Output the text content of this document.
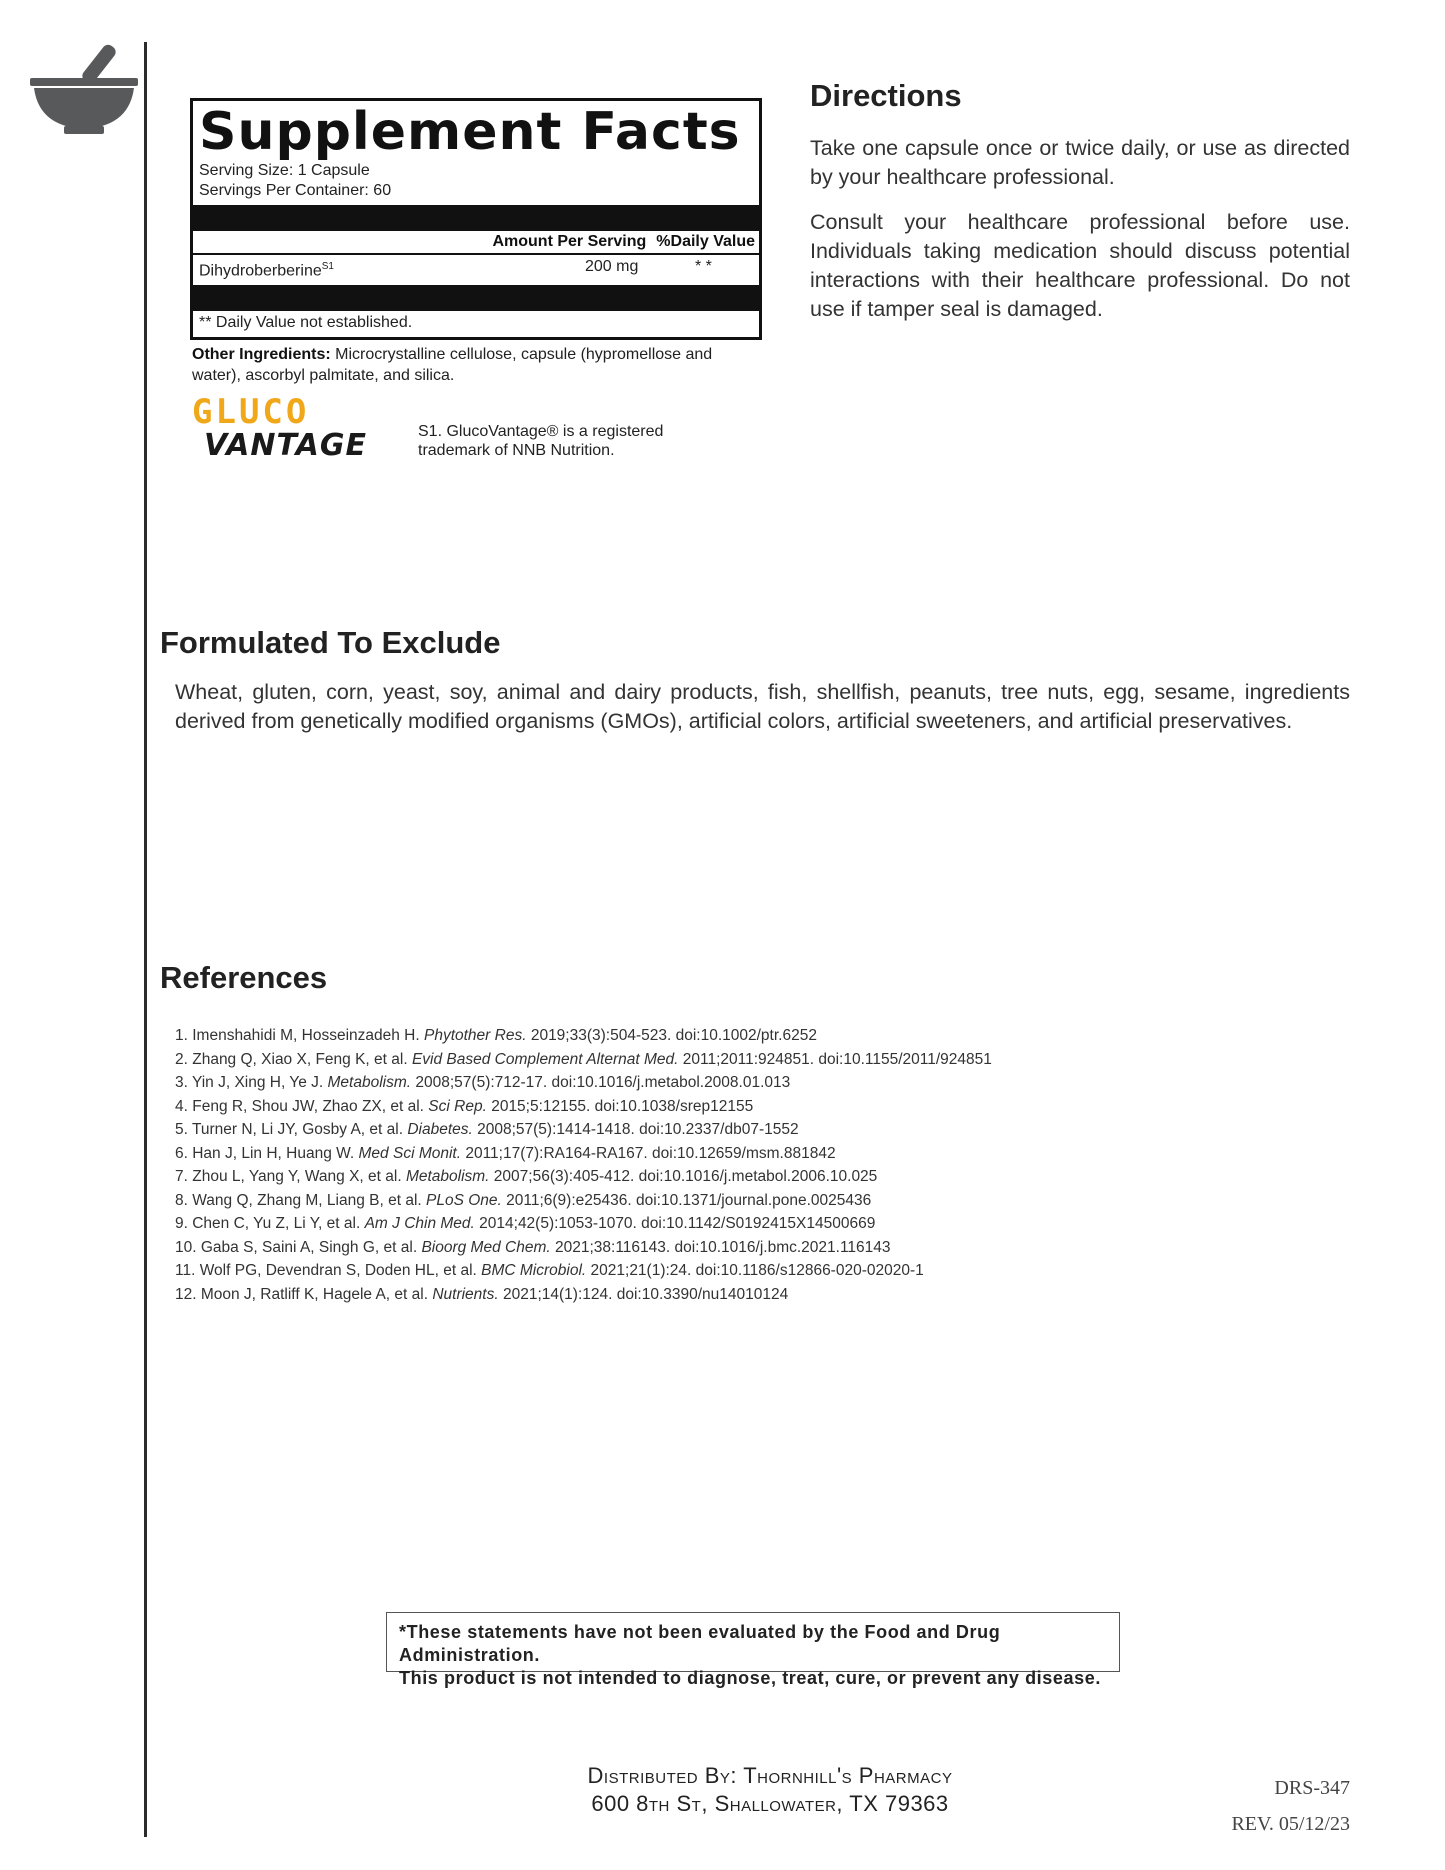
Supplement Facts
Serving Size: 1 Capsule
Servings Per Container: 60
Amount Per Serving %Daily Value
Dihydroberberine$^{S1}$	200 mg	* *
** Daily Value not established.
Other Ingredients: Microcrystalline cellulose, capsule (hypromellose and water), ascorbyl palmitate, and silica.
GLUCO
VANTAGE	S1. GlucoVantage® is a registered trademark of NNB Nutrition.
Directions

Take one capsule once or twice daily, or use as directed by your healthcare professional.

Consult your healthcare professional before use. Individuals taking medication should discuss potential interactions with their healthcare professional. Do not use if tamper seal is damaged.

Formulated To Exclude
Wheat, gluten, corn, yeast, soy, animal and dairy products, fish, shellfish, peanuts, tree nuts, egg, sesame, ingredients derived from genetically modified organisms (GMOs), artificial colors, artificial sweeteners, and artificial preservatives.
References
1. Imenshahidi M, Hosseinzadeh H. Phytother Res. 2019;33(3):504-523. doi:10.1002/ptr.6252
2. Zhang Q, Xiao X, Feng K, et al. Evid Based Complement Alternat Med. 2011;2011:924851. doi:10.1155/2011/924851
3. Yin J, Xing H, Ye J. Metabolism. 2008;57(5):712-17. doi:10.1016/j.metabol.2008.01.013
4. Feng R, Shou JW, Zhao ZX, et al. Sci Rep. 2015;5:12155. doi:10.1038/srep12155
5. Turner N, Li JY, Gosby A, et al. Diabetes. 2008;57(5):1414-1418. doi:10.2337/db07-1552
6. Han J, Lin H, Huang W. Med Sci Monit. 2011;17(7):RA164-RA167. doi:10.12659/msm.881842
7. Zhou L, Yang Y, Wang X, et al. Metabolism. 2007;56(3):405-412. doi:10.1016/j.metabol.2006.10.025
8. Wang Q, Zhang M, Liang B, et al. PLoS One. 2011;6(9):e25436. doi:10.1371/journal.pone.0025436
9. Chen C, Yu Z, Li Y, et al. Am J Chin Med. 2014;42(5):1053-1070. doi:10.1142/S0192415X14500669
10. Gaba S, Saini A, Singh G, et al. Bioorg Med Chem. 2021;38:116143. doi:10.1016/j.bmc.2021.116143
11. Wolf PG, Devendran S, Doden HL, et al. BMC Microbiol. 2021;21(1):24. doi:10.1186/s12866-020-02020-1
12. Moon J, Ratliff K, Hagele A, et al. Nutrients. 2021;14(1):124. doi:10.3390/nu14010124
*These statements have not been evaluated by the Food and Drug Administration.
This product is not intended to diagnose, treat, cure, or prevent any disease.
Distributed By: Thornhill's Pharmacy
600 8th St, Shallowater, TX 79363
DRS-347
REV. 05/12/23
